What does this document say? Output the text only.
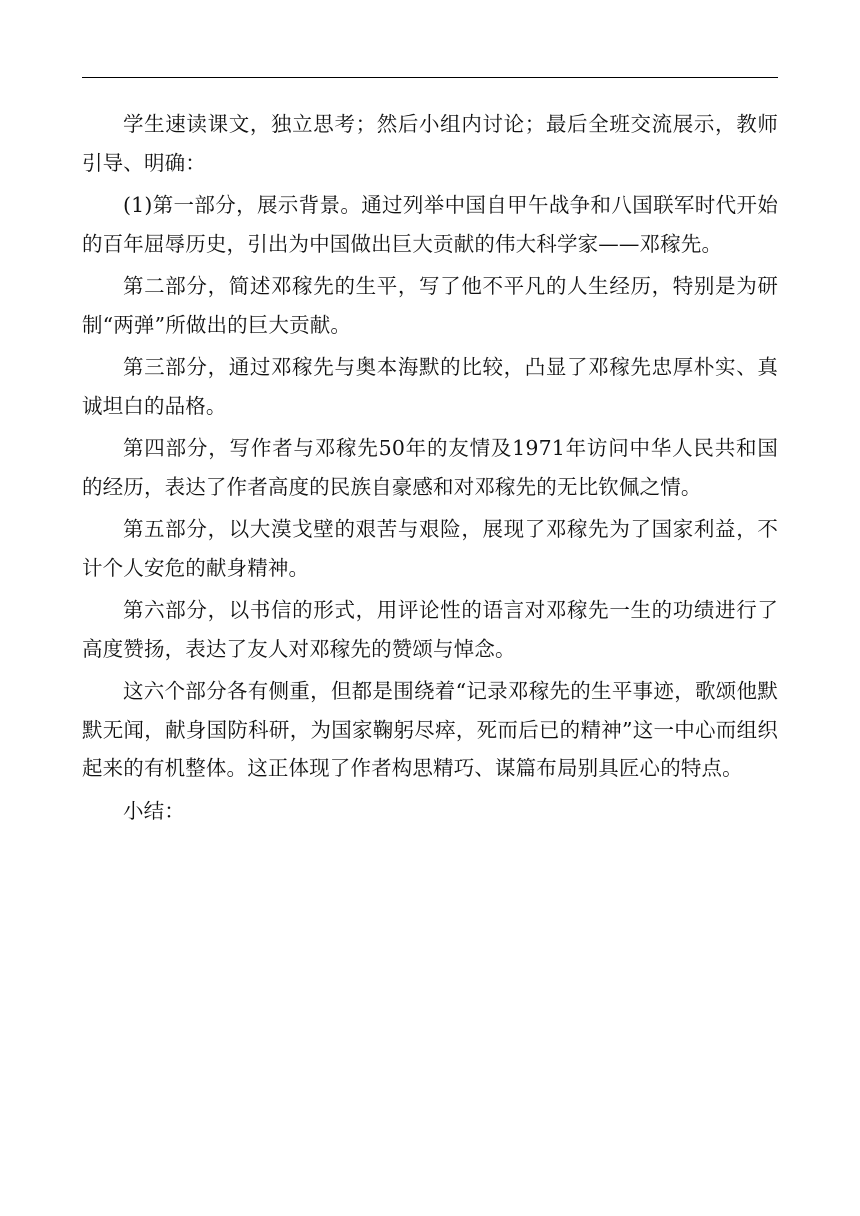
学生速读课文，独立思考；然后小组内讨论；最后全班交流展示，教师引导、明确：

(1)第一部分，展示背景。通过列举中国自甲午战争和八国联军时代开始的百年屈辱历史，引出为中国做出巨大贡献的伟大科学家——邓稼先。

第二部分，简述邓稼先的生平，写了他不平凡的人生经历，特别是为研制“两弹”所做出的巨大贡献。

第三部分，通过邓稼先与奥本海默的比较，凸显了邓稼先忠厚朴实、真诚坦白的品格。

第四部分，写作者与邓稼先50年的友情及1971年访问中华人民共和国的经历，表达了作者高度的民族自豪感和对邓稼先的无比钦佩之情。

第五部分，以大漠戈壁的艰苦与艰险，展现了邓稼先为了国家利益，不计个人安危的献身精神。

第六部分，以书信的形式，用评论性的语言对邓稼先一生的功绩进行了高度赞扬，表达了友人对邓稼先的赞颂与悼念。

这六个部分各有侧重，但都是围绕着“记录邓稼先的生平事迹，歌颂他默默无闻，献身国防科研，为国家鞠躬尽瘁，死而后已的精神”这一中心而组织起来的有机整体。这正体现了作者构思精巧、谋篇布局别具匠心的特点。

小结：
